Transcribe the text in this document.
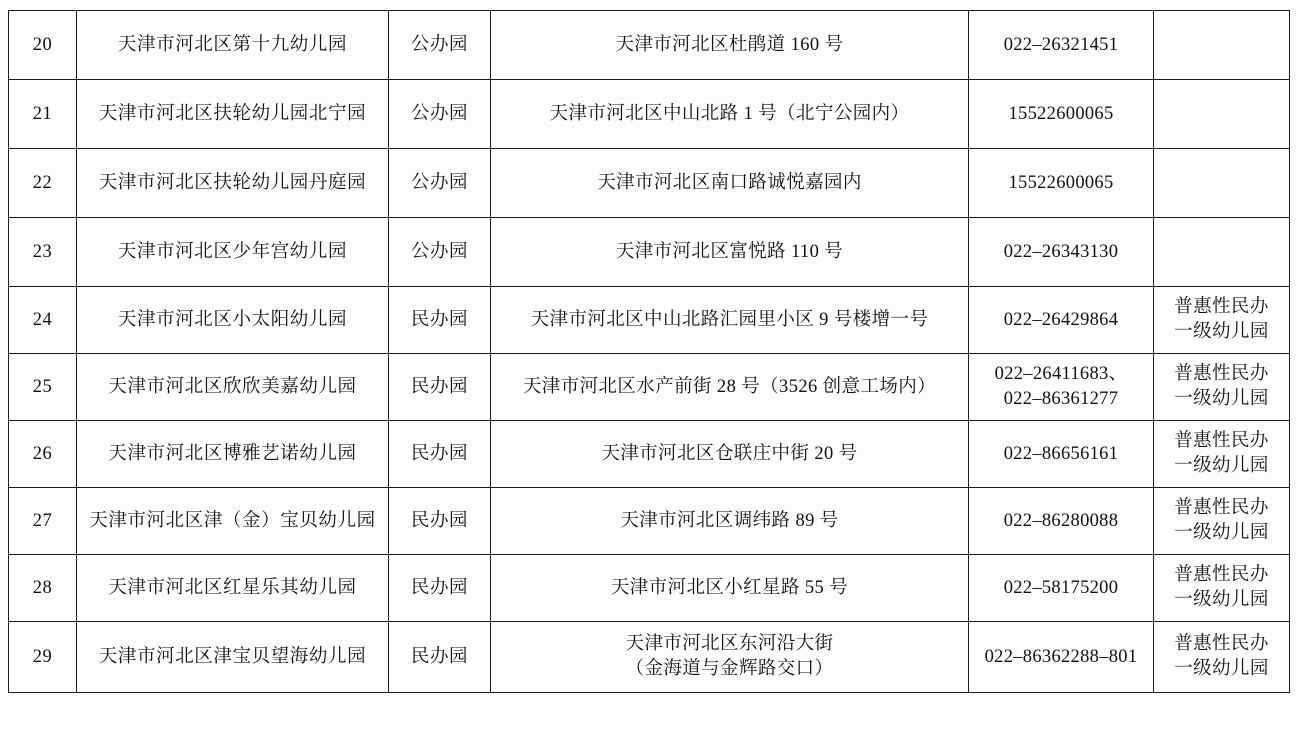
20	天津市河北区第十九幼儿园	公办园	天津市河北区杜鹃道 160 号	022–26321451	

21	天津市河北区扶轮幼儿园北宁园	公办园	天津市河北区中山北路 1 号（北宁公园内）	15522600065	

22	天津市河北区扶轮幼儿园丹庭园	公办园	天津市河北区南口路诚悦嘉园内	15522600065	

23	天津市河北区少年宫幼儿园	公办园	天津市河北区富悦路 110 号	022–26343130	

24	天津市河北区小太阳幼儿园	民办园	天津市河北区中山北路汇园里小区 9 号楼增一号	022–26429864	普惠性民办
一级幼儿园

25	天津市河北区欣欣美嘉幼儿园	民办园	天津市河北区水产前街 28 号（3526 创意工场内）	022–26411683、
022–86361277	普惠性民办
一级幼儿园

26	天津市河北区博雅艺诺幼儿园	民办园	天津市河北区仓联庄中街 20 号	022–86656161	普惠性民办
一级幼儿园

27	天津市河北区津（金）宝贝幼儿园	民办园	天津市河北区调纬路 89 号	022–86280088	普惠性民办
一级幼儿园

28	天津市河北区红星乐其幼儿园	民办园	天津市河北区小红星路 55 号	022–58175200	普惠性民办
一级幼儿园

29	天津市河北区津宝贝望海幼儿园	民办园	天津市河北区东河沿大街
（金海道与金辉路交口）	022–86362288–801	普惠性民办
一级幼儿园
